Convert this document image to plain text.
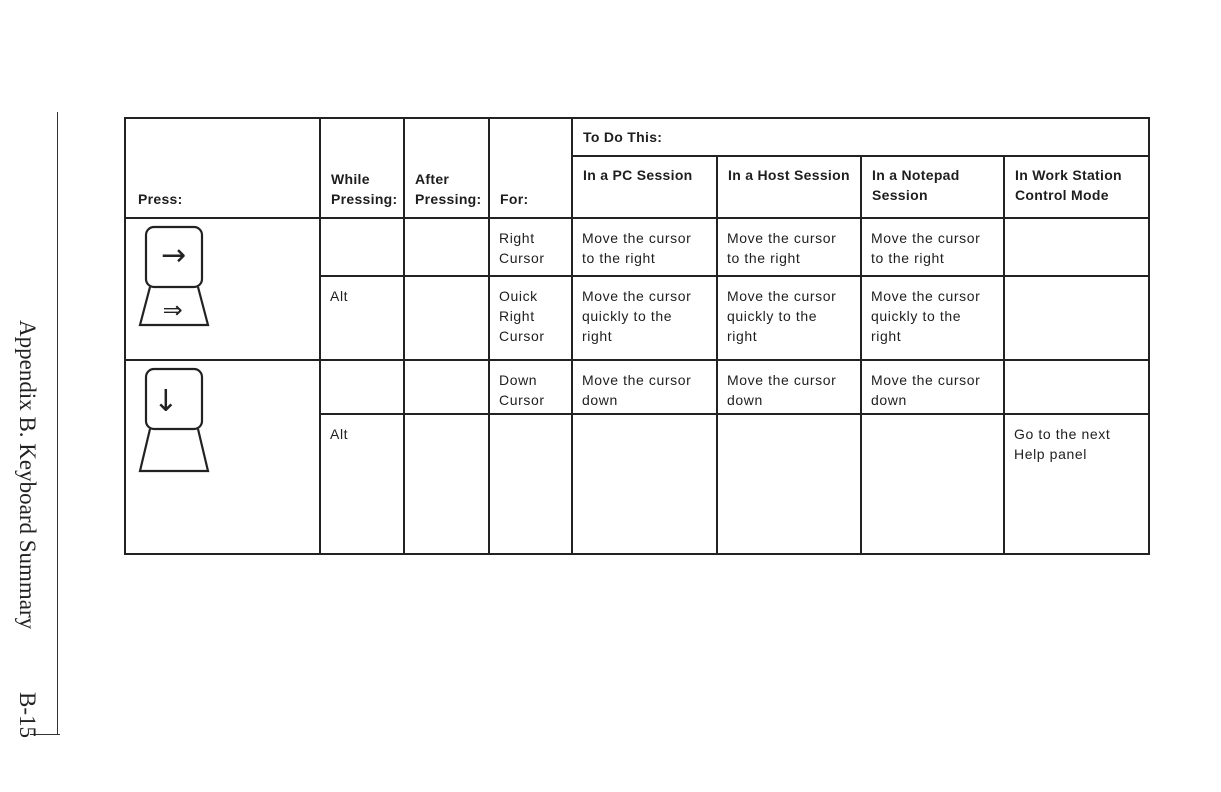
Appendix B. Keyboard Summary
B-15
Press:	While Pressing:	After Pressing:	For:	To Do This:			
				In a PC Session	In a Host Session	In a Notepad Session	In Work Station Control Mode

→
⇒			Right Cursor	Move the cursor to the right	Move the cursor to the right	Move the cursor to the right	
	Alt		Ouick Right Cursor	Move the cursor quickly to the right	Move the cursor quickly to the right	Move the cursor quickly to the right	

↓			Down Cursor	Move the cursor down	Move the cursor down	Move the cursor down	
	Alt						Go to the next Help panel
